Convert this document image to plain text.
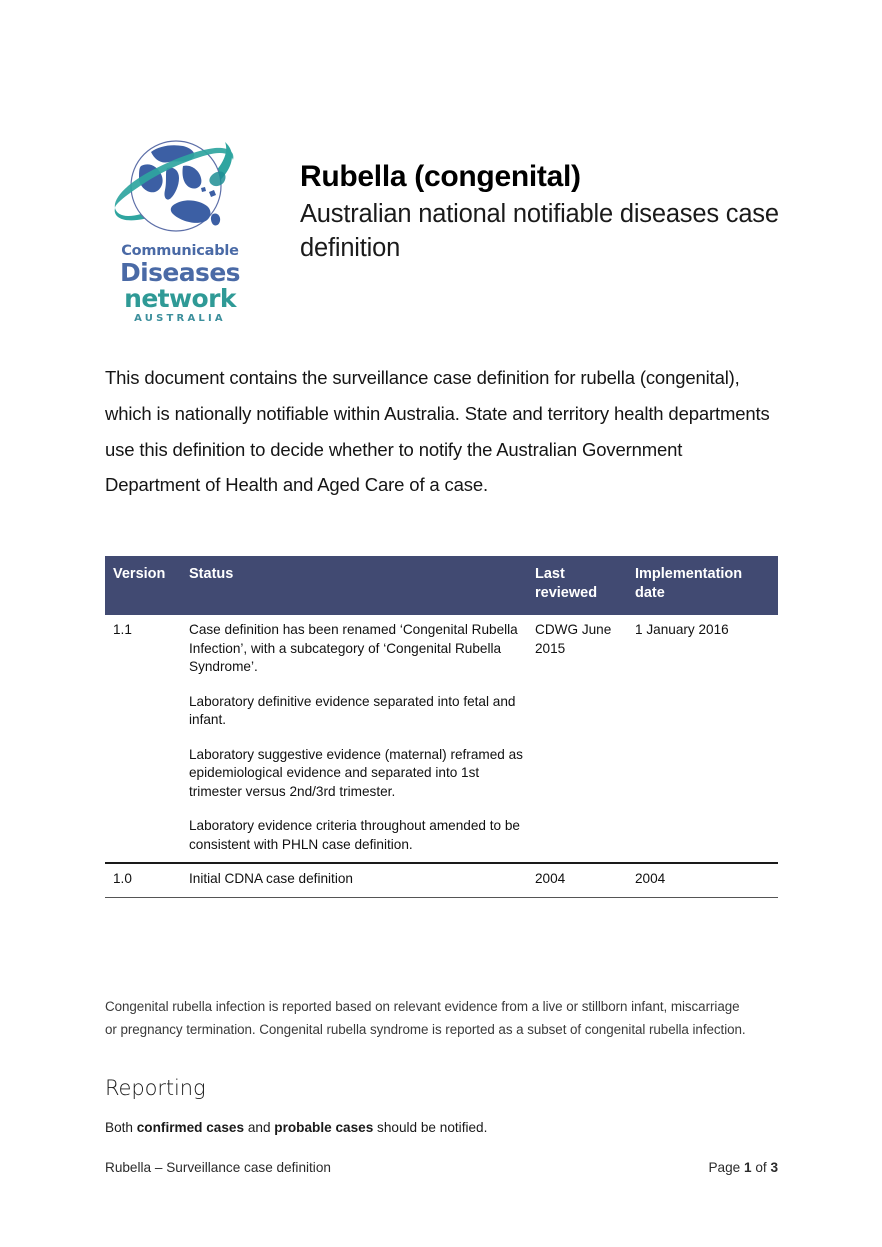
Communicable
Diseases
network
AUSTRALIA
Rubella (congenital)
Australian national notifiable diseases case definition
This document contains the surveillance case definition for rubella (congenital), which is nationally notifiable within Australia. State and territory health departments use this definition to decide whether to notify the Australian Government Department of Health and Aged Care of a case.
Version	Status	Last reviewed	Implementation date
1.1	Case definition has been renamed ‘Congenital Rubella Infection’, with a subcategory of ‘Congenital Rubella Syndrome’.

Laboratory definitive evidence separated into fetal and infant.

Laboratory suggestive evidence (maternal) reframed as epidemiological evidence and separated into 1st trimester versus 2nd/3rd trimester.

Laboratory evidence criteria throughout amended to be consistent with PHLN case definition.	CDWG June 2015	1 January 2016
1.0	Initial CDNA case definition	2004	2004
Congenital rubella infection is reported based on relevant evidence from a live or stillborn infant, miscarriage or pregnancy termination. Congenital rubella syndrome is reported as a subset of congenital rubella infection.
Reporting
Both confirmed cases and probable cases should be notified.
Rubella – Surveillance case definition	Page 1 of 3
